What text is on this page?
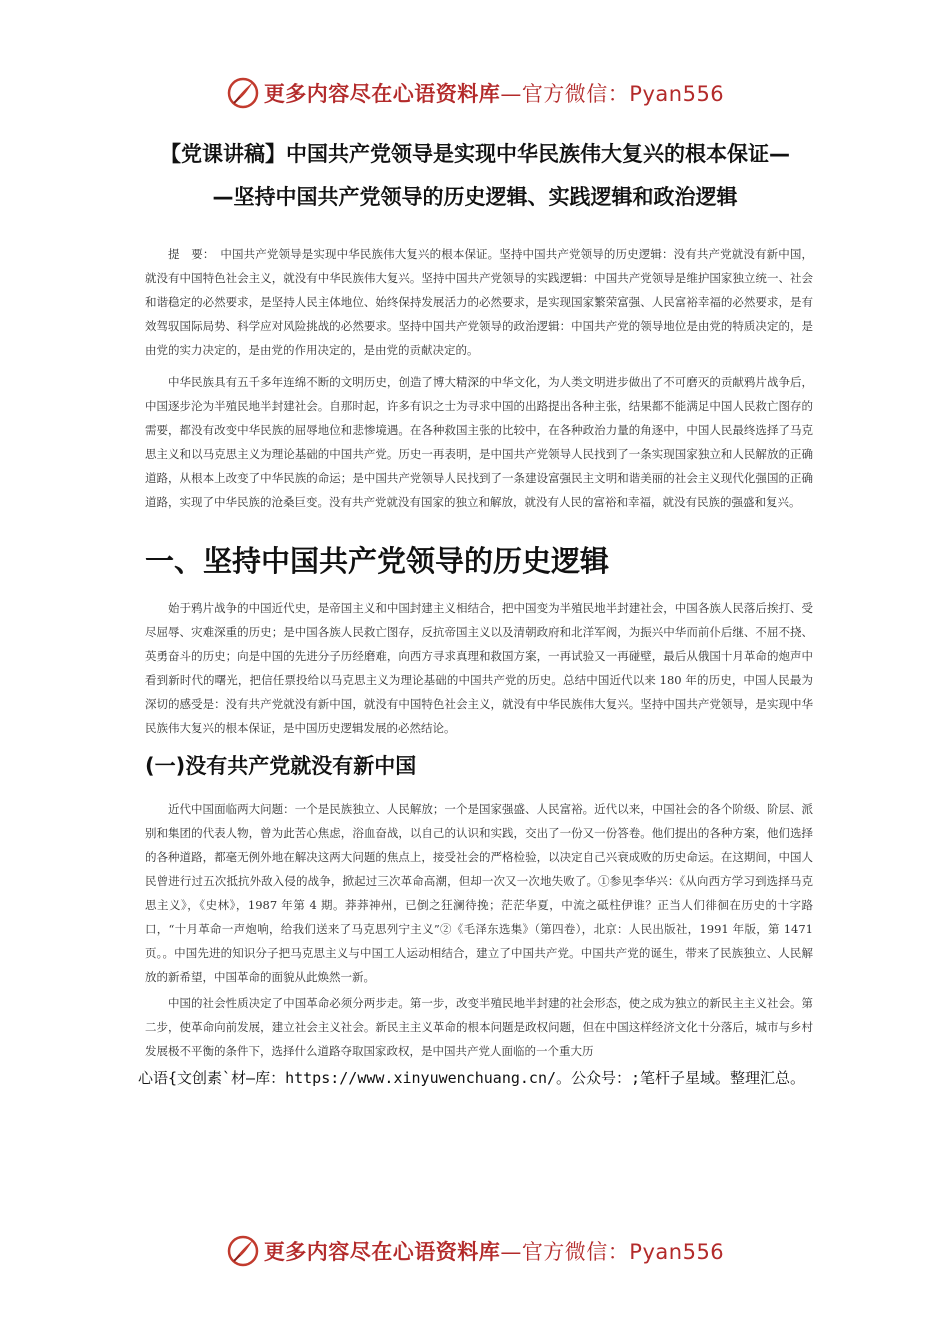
更多内容尽在心语资料库 —官方微信：Pyan556
【党课讲稿】中国共产党领导是实现中华民族伟大复兴的根本保证—
—坚持中国共产党领导的历史逻辑、实践逻辑和政治逻辑
提　要：　中国共产党领导是实现中华民族伟大复兴的根本保证。坚持中国共产党领导的历史逻辑：没有共产党就没有新中国，就没有中国特色社会主义，就没有中华民族伟大复兴。坚持中国共产党领导的实践逻辑：中国共产党领导是维护国家独立统一、社会和谐稳定的必然要求，是坚持人民主体地位、始终保持发展活力的必然要求，是实现国家繁荣富强、人民富裕幸福的必然要求，是有效驾驭国际局势、科学应对风险挑战的必然要求。坚持中国共产党领导的政治逻辑：中国共产党的领导地位是由党的特质决定的，是由党的实力决定的，是由党的作用决定的，是由党的贡献决定的。
中华民族具有五千多年连绵不断的文明历史，创造了博大精深的中华文化，为人类文明进步做出了不可磨灭的贡献鸦片战争后，中国逐步沦为半殖民地半封建社会。自那时起，许多有识之士为寻求中国的出路提出各种主张，结果都不能满足中国人民救亡图存的需要，都没有改变中华民族的屈辱地位和悲惨境遇。在各种救国主张的比较中，在各种政治力量的角逐中，中国人民最终选择了马克思主义和以马克思主义为理论基础的中国共产党。历史一再表明，是中国共产党领导人民找到了一条实现国家独立和人民解放的正确道路，从根本上改变了中华民族的命运；是中国共产党领导人民找到了一条建设富强民主文明和谐美丽的社会主义现代化强国的正确道路，实现了中华民族的沧桑巨变。没有共产党就没有国家的独立和解放，就没有人民的富裕和幸福，就没有民族的强盛和复兴。
一、坚持中国共产党领导的历史逻辑
始于鸦片战争的中国近代史，是帝国主义和中国封建主义相结合，把中国变为半殖民地半封建社会，中国各族人民落后挨打、受尽屈辱、灾难深重的历史；是中国各族人民救亡图存，反抗帝国主义以及清朝政府和北洋军阀，为振兴中华而前仆后继、不屈不挠、英勇奋斗的历史；向是中国的先进分子历经磨难，向西方寻求真理和救国方案，一再试验又一再碰壁，最后从俄国十月革命的炮声中看到新时代的曙光，把信任票投给以马克思主义为理论基础的中国共产党的历史。总结中国近代以来 180 年的历史，中国人民最为深切的感受是：没有共产党就没有新中国，就没有中国特色社会主义，就没有中华民族伟大复兴。坚持中国共产党领导，是实现中华民族伟大复兴的根本保证，是中国历史逻辑发展的必然结论。
(一)没有共产党就没有新中国
近代中国面临两大问题：一个是民族独立、人民解放；一个是国家强盛、人民富裕。近代以来，中国社会的各个阶级、阶层、派别和集团的代表人物，曾为此苦心焦虑，浴血奋战，以自己的认识和实践，交出了一份又一份答卷。他们提出的各种方案，他们选择的各种道路，都毫无例外地在解决这两大问题的焦点上，接受社会的严格检验，以决定自己兴衰成败的历史命运。在这期间，中国人民曾进行过五次抵抗外敌入侵的战争，掀起过三次革命高潮，但却一次又一次地失败了。①参见李华兴：《从向西方学习到选择马克思主义》，《史林》，1987 年第 4 期。莽莽神州，已倒之狂澜待挽；茫茫华夏，中流之砥柱伊谁？正当人们徘徊在历史的十字路口，“十月革命一声炮响，给我们送来了马克思列宁主义”②《毛泽东选集》（第四卷），北京：人民出版社，1991 年版，第 1471 页。。中国先进的知识分子把马克思主义与中国工人运动相结合，建立了中国共产党。中国共产党的诞生，带来了民族独立、人民解放的新希望，中国革命的面貌从此焕然一新。
中国的社会性质决定了中国革命必须分两步走。第一步，改变半殖民地半封建的社会形态，使之成为独立的新民主主义社会。第二步，使革命向前发展，建立社会主义社会。新民主主义革命的根本问题是政权问题，但在中国这样经济文化十分落后，城市与乡村发展极不平衡的条件下，选择什么道路夺取国家政权，是中国共产党人面临的一个重大历
心语{文创素`材—库：https://www.xinyuwenchuang.cn/。公众号：;笔杆子星域。整理汇总。
更多内容尽在心语资料库 —官方微信：Pyan556
